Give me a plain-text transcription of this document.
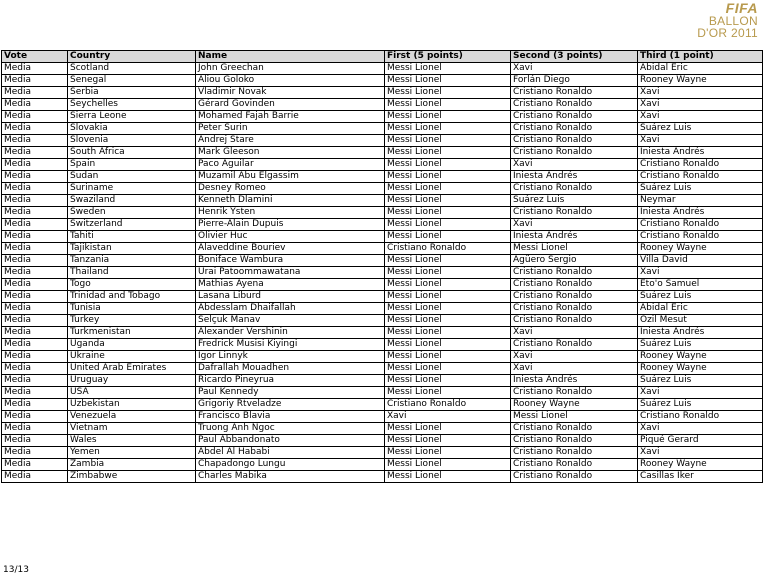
FIFA
BALLON
D'OR 2011
Vote	Country	Name	First (5 points)	Second (3 points)	Third (1 point)
Media	Scotland	John Greechan	Messi Lionel	Xavi	Abidal Éric
Media	Senegal	Aliou Goloko	Messi Lionel	Forlán Diego	Rooney Wayne
Media	Serbia	Vladimir Novak	Messi Lionel	Cristiano Ronaldo	Xavi
Media	Seychelles	Gérard Govinden	Messi Lionel	Cristiano Ronaldo	Xavi
Media	Sierra Leone	Mohamed Fajah Barrie	Messi Lionel	Cristiano Ronaldo	Xavi
Media	Slovakia	Peter Surin	Messi Lionel	Cristiano Ronaldo	Suárez Luis
Media	Slovenia	Andrej Stare	Messi Lionel	Cristiano Ronaldo	Xavi
Media	South Africa	Mark Gleeson	Messi Lionel	Cristiano Ronaldo	Iniesta Andrés
Media	Spain	Paco Aguilar	Messi Lionel	Xavi	Cristiano Ronaldo
Media	Sudan	Muzamil Abu Elgassim	Messi Lionel	Iniesta Andrés	Cristiano Ronaldo
Media	Suriname	Desney Romeo	Messi Lionel	Cristiano Ronaldo	Suárez Luis
Media	Swaziland	Kenneth Dlamini	Messi Lionel	Suárez Luis	Neymar
Media	Sweden	Henrik Ysten	Messi Lionel	Cristiano Ronaldo	Iniesta Andrés
Media	Switzerland	Pierre-Alain Dupuis	Messi Lionel	Xavi	Cristiano Ronaldo
Media	Tahiti	Olivier Huc	Messi Lionel	Iniesta Andrés	Cristiano Ronaldo
Media	Tajikistan	Alaveddine Bouriev	Cristiano Ronaldo	Messi Lionel	Rooney Wayne
Media	Tanzania	Boniface Wambura	Messi Lionel	Agüero Sergio	Villa David
Media	Thailand	Urai Patoommawatana	Messi Lionel	Cristiano Ronaldo	Xavi
Media	Togo	Mathias Ayena	Messi Lionel	Cristiano Ronaldo	Eto'o Samuel
Media	Trinidad and Tobago	Lasana Liburd	Messi Lionel	Cristiano Ronaldo	Suárez Luis
Media	Tunisia	Abdesslam Dhaifallah	Messi Lionel	Cristiano Ronaldo	Abidal Éric
Media	Turkey	Selçuk Manav	Messi Lionel	Cristiano Ronaldo	Özil Mesut
Media	Turkmenistan	Alexander Vershinin	Messi Lionel	Xavi	Iniesta Andrés
Media	Uganda	Fredrick Musisi Kiyingi	Messi Lionel	Cristiano Ronaldo	Suárez Luis
Media	Ukraine	Igor Linnyk	Messi Lionel	Xavi	Rooney Wayne
Media	United Arab Emirates	Dafrallah Mouadhen	Messi Lionel	Xavi	Rooney Wayne
Media	Uruguay	Ricardo Pineyrua	Messi Lionel	Iniesta Andrés	Suárez Luis
Media	USA	Paul Kennedy	Messi Lionel	Cristiano Ronaldo	Xavi
Media	Uzbekistan	Grigoriy Rtveladze	Cristiano Ronaldo	Rooney Wayne	Suárez Luis
Media	Venezuela	Francisco Blavia	Xavi	Messi Lionel	Cristiano Ronaldo
Media	Vietnam	Truong Anh Ngoc	Messi Lionel	Cristiano Ronaldo	Xavi
Media	Wales	Paul Abbandonato	Messi Lionel	Cristiano Ronaldo	Piqué Gerard
Media	Yemen	Abdel Al Hababi	Messi Lionel	Cristiano Ronaldo	Xavi
Media	Zambia	Chapadongo Lungu	Messi Lionel	Cristiano Ronaldo	Rooney Wayne
Media	Zimbabwe	Charles Mabika	Messi Lionel	Cristiano Ronaldo	Casillas Iker
13/13
